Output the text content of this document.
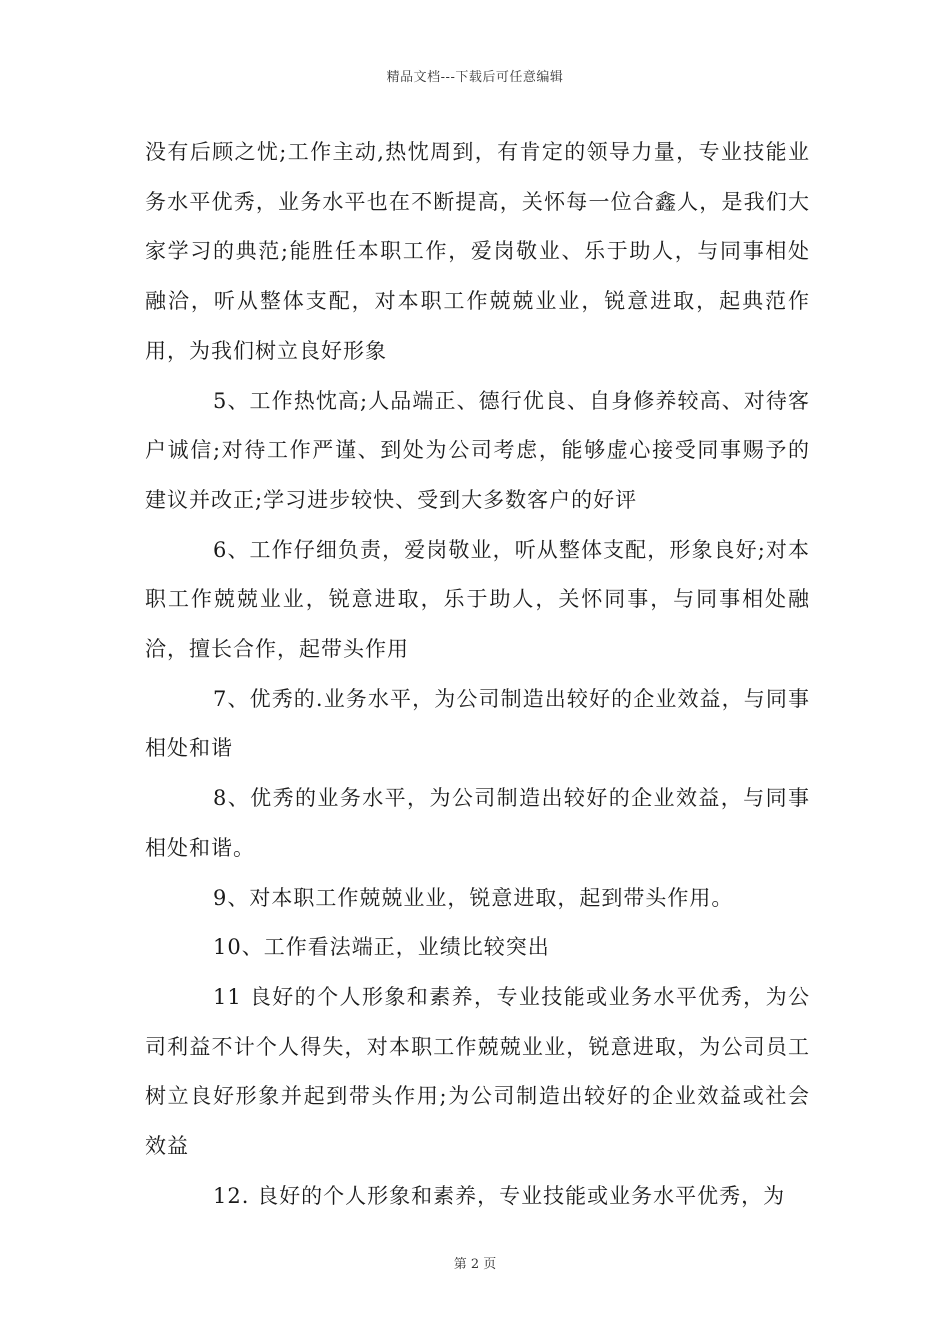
精品文档---下载后可任意编辑

没有后顾之忧;工作主动,热忱周到，有肯定的领导力量，专业技能业务水平优秀，业务水平也在不断提高，关怀每一位合鑫人，是我们大家学习的典范;能胜任本职工作，爱岗敬业、乐于助人，与同事相处融洽，听从整体支配，对本职工作兢兢业业，锐意进取，起典范作用，为我们树立良好形象

5、工作热忱高;人品端正、德行优良、自身修养较高、对待客户诚信;对待工作严谨、到处为公司考虑，能够虚心接受同事赐予的建议并改正;学习进步较快、受到大多数客户的好评

6、工作仔细负责，爱岗敬业，听从整体支配，形象良好;对本职工作兢兢业业，锐意进取，乐于助人，关怀同事，与同事相处融洽，擅长合作，起带头作用

7、优秀的.业务水平，为公司制造出较好的企业效益，与同事相处和谐

8、优秀的业务水平，为公司制造出较好的企业效益，与同事相处和谐。

9、对本职工作兢兢业业，锐意进取，起到带头作用。

10、工作看法端正，业绩比较突出

11 良好的个人形象和素养，专业技能或业务水平优秀，为公司利益不计个人得失，对本职工作兢兢业业，锐意进取，为公司员工树立良好形象并起到带头作用;为公司制造出较好的企业效益或社会效益

12. 良好的个人形象和素养，专业技能或业务水平优秀，为

第 2 页
